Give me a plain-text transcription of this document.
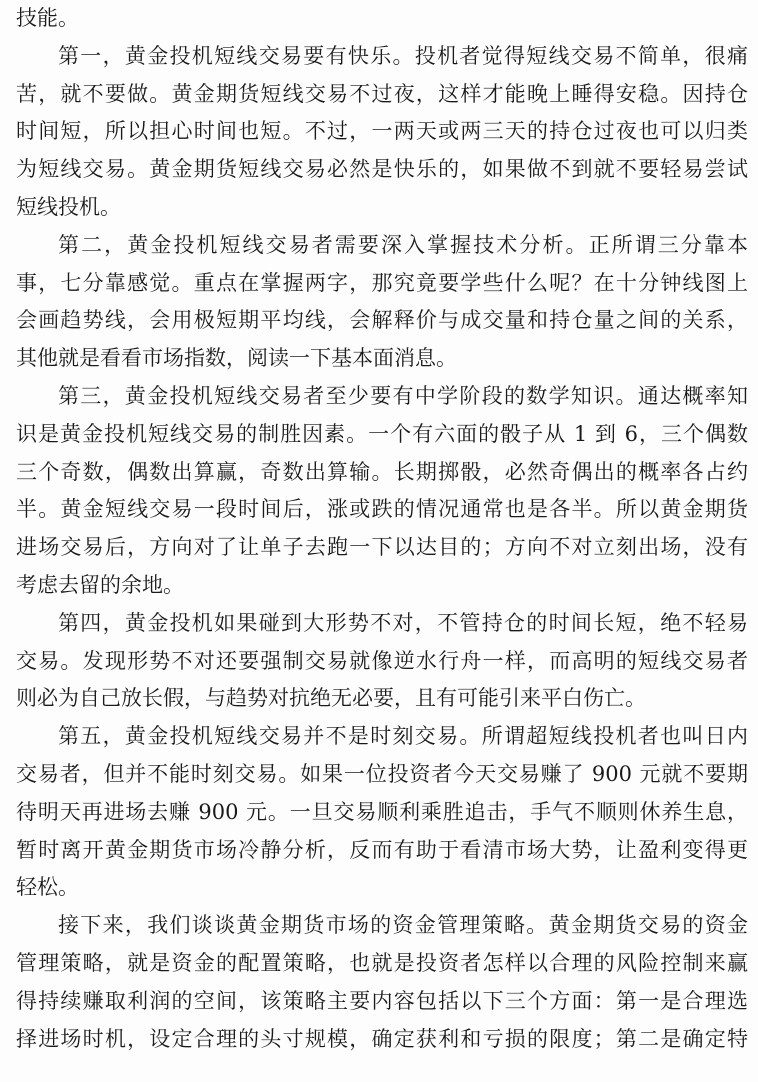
技能。
第一，黄金投机短线交易要有快乐。投机者觉得短线交易不简单，很痛
苦，就不要做。黄金期货短线交易不过夜，这样才能晚上睡得安稳。因持仓
时间短，所以担心时间也短。不过，一两天或两三天的持仓过夜也可以归类
为短线交易。黄金期货短线交易必然是快乐的，如果做不到就不要轻易尝试
短线投机。
第二，黄金投机短线交易者需要深入掌握技术分析。正所谓三分靠本
事，七分靠感觉。重点在掌握两字，那究竟要学些什么呢？在十分钟线图上
会画趋势线，会用极短期平均线，会解释价与成交量和持仓量之间的关系，
其他就是看看市场指数，阅读一下基本面消息。
第三，黄金投机短线交易者至少要有中学阶段的数学知识。通达概率知
识是黄金投机短线交易的制胜因素。一个有六面的骰子从 1 到 6，三个偶数
三个奇数，偶数出算赢，奇数出算输。长期掷骰，必然奇偶出的概率各占约
半。黄金短线交易一段时间后，涨或跌的情况通常也是各半。所以黄金期货
进场交易后，方向对了让单子去跑一下以达目的；方向不对立刻出场，没有
考虑去留的余地。
第四，黄金投机如果碰到大形势不对，不管持仓的时间长短，绝不轻易
交易。发现形势不对还要强制交易就像逆水行舟一样，而高明的短线交易者
则必为自己放长假，与趋势对抗绝无必要，且有可能引来平白伤亡。
第五，黄金投机短线交易并不是时刻交易。所谓超短线投机者也叫日内
交易者，但并不能时刻交易。如果一位投资者今天交易赚了 900 元就不要期
待明天再进场去赚 900 元。一旦交易顺利乘胜追击，手气不顺则休养生息，
暂时离开黄金期货市场冷静分析，反而有助于看清市场大势，让盈利变得更
轻松。
接下来，我们谈谈黄金期货市场的资金管理策略。黄金期货交易的资金
管理策略，就是资金的配置策略，也就是投资者怎样以合理的风险控制来赢
得持续赚取利润的空间，该策略主要内容包括以下三个方面：第一是合理选
择进场时机，设定合理的头寸规模，确定获利和亏损的限度；第二是确定特
